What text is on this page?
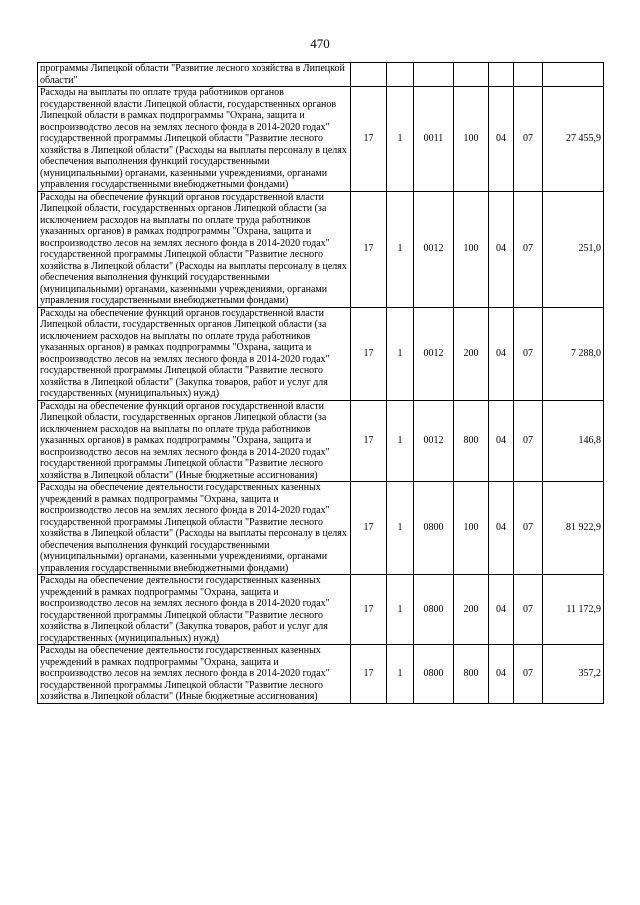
470
программы Липецкой области "Развитие лесного хозяйства в Липецкой области"							
Расходы на выплаты по оплате труда работников органов государственной власти Липецкой области, государственных органов Липецкой области в рамках подпрограммы "Охрана, защита и воспроизводство лесов на землях лесного фонда в 2014-2020 годах" государственной программы Липецкой области "Развитие лесного хозяйства в Липецкой области" (Расходы на выплаты персоналу в целях обеспечения выполнения функций государственными (муниципальными) органами, казенными учреждениями, органами управления государственными внебюджетными фондами)	17	1	0011	100	04	07	27 455,9
Расходы на обеспечение функций органов государственной власти Липецкой области, государственных органов Липецкой области (за исключением расходов на выплаты по оплате труда работников указанных органов) в рамках подпрограммы "Охрана, защита и воспроизводство лесов на землях лесного фонда в 2014-2020 годах" государственной программы Липецкой области "Развитие лесного хозяйства в Липецкой области" (Расходы на выплаты персоналу в целях обеспечения выполнения функций государственными (муниципальными) органами, казенными учреждениями, органами управления государственными внебюджетными фондами)	17	1	0012	100	04	07	251,0
Расходы на обеспечение функций органов государственной власти Липецкой области, государственных органов Липецкой области (за исключением расходов на выплаты по оплате труда работников указанных органов) в рамках подпрограммы "Охрана, защита и воспроизводство лесов на землях лесного фонда в 2014-2020 годах" государственной программы Липецкой области "Развитие лесного хозяйства в Липецкой области" (Закупка товаров, работ и услуг для государственных (муниципальных) нужд)	17	1	0012	200	04	07	7 288,0
Расходы на обеспечение функций органов государственной власти Липецкой области, государственных органов Липецкой области (за исключением расходов на выплаты по оплате труда работников указанных органов) в рамках подпрограммы "Охрана, защита и воспроизводство лесов на землях лесного фонда в 2014-2020 годах" государственной программы Липецкой области "Развитие лесного хозяйства в Липецкой области" (Иные бюджетные ассигнования)	17	1	0012	800	04	07	146,8
Расходы на обеспечение деятельности государственных казенных учреждений в рамках подпрограммы "Охрана, защита и воспроизводство лесов на землях лесного фонда в 2014-2020 годах" государственной программы Липецкой области "Развитие лесного хозяйства в Липецкой области" (Расходы на выплаты персоналу в целях обеспечения выполнения функций государственными (муниципальными) органами, казенными учреждениями, органами управления государственными внебюджетными фондами)	17	1	0800	100	04	07	81 922,9
Расходы на обеспечение деятельности государственных казенных учреждений в рамках подпрограммы "Охрана, защита и воспроизводство лесов на землях лесного фонда в 2014-2020 годах" государственной программы Липецкой области "Развитие лесного хозяйства в Липецкой области" (Закупка товаров, работ и услуг для государственных (муниципальных) нужд)	17	1	0800	200	04	07	11 172,9
Расходы на обеспечение деятельности государственных казенных учреждений в рамках подпрограммы "Охрана, защита и воспроизводство лесов на землях лесного фонда в 2014-2020 годах" государственной программы Липецкой области "Развитие лесного хозяйства в Липецкой области" (Иные бюджетные ассигнования)	17	1	0800	800	04	07	357,2
